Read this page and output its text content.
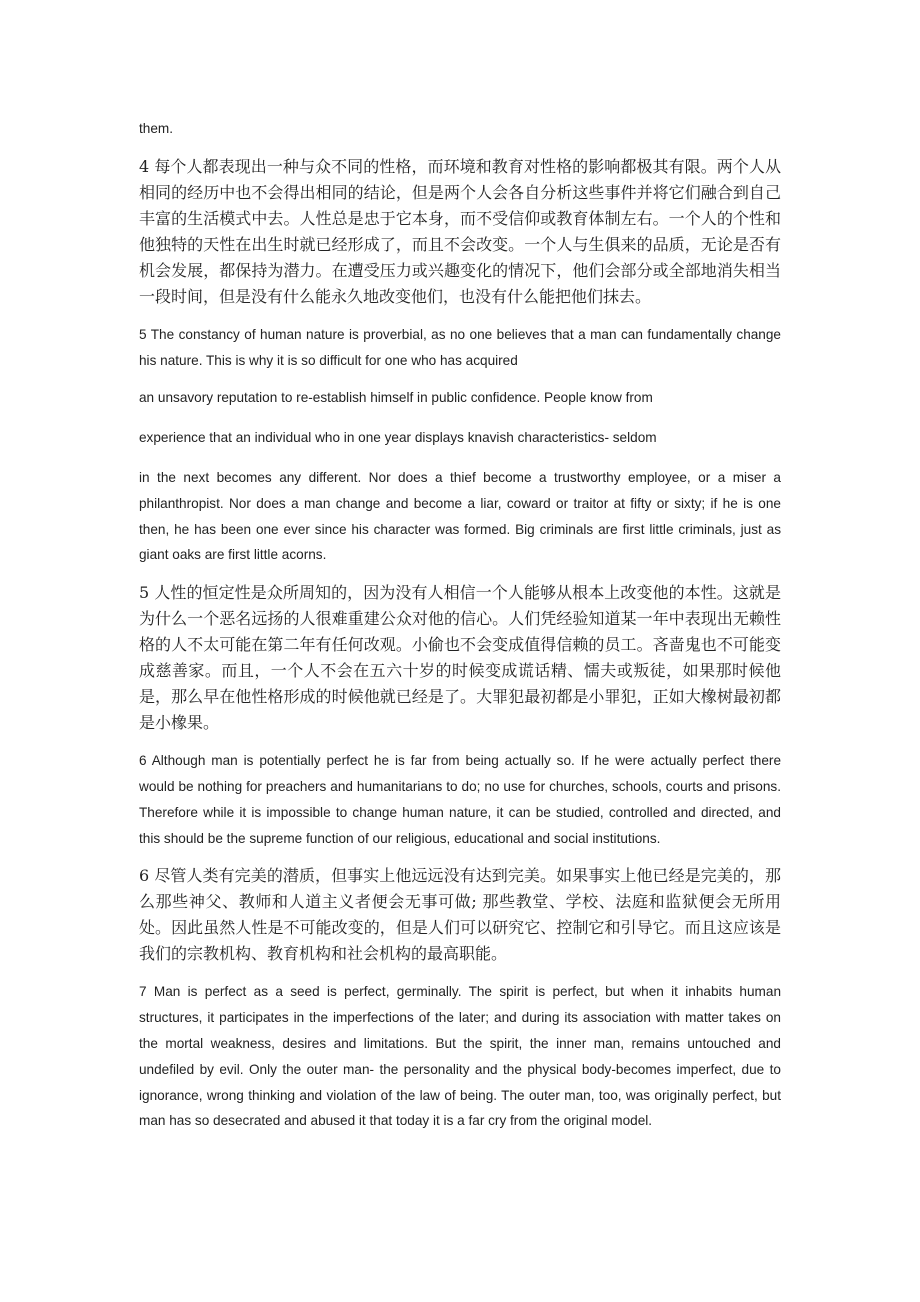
them.

4 每个人都表现出一种与众不同的性格，而环境和教育对性格的影响都极其有限。两个人从相同的经历中也不会得出相同的结论，但是两个人会各自分析这些事件并将它们融合到自己丰富的生活模式中去。人性总是忠于它本身，而不受信仰或教育体制左右。一个人的个性和他独特的天性在出生时就已经形成了，而且不会改变。一个人与生俱来的品质，无论是否有机会发展，都保持为潜力。在遭受压力或兴趣变化的情况下，他们会部分或全部地消失相当一段时间，但是没有什么能永久地改变他们，也没有什么能把他们抹去。

5 The constancy of human nature is proverbial, as no one believes that a man can fundamentally change his nature. This is why it is so difficult for one who has acquired

an unsavory reputation to re-establish himself in public confidence. People know from

experience that an individual who in one year displays knavish characteristics- seldom

in the next becomes any different. Nor does a thief become a trustworthy employee, or a miser a philanthropist. Nor does a man change and become a liar, coward or traitor at fifty or sixty; if he is one then, he has been one ever since his character was formed. Big criminals are first little criminals, just as giant oaks are first little acorns.

5 人性的恒定性是众所周知的，因为没有人相信一个人能够从根本上改变他的本性。这就是为什么一个恶名远扬的人很难重建公众对他的信心。人们凭经验知道某一年中表现出无赖性格的人不太可能在第二年有任何改观。小偷也不会变成值得信赖的员工。吝啬鬼也不可能变成慈善家。而且，一个人不会在五六十岁的时候变成谎话精、懦夫或叛徒，如果那时候他是，那么早在他性格形成的时候他就已经是了。大罪犯最初都是小罪犯，正如大橡树最初都是小橡果。

6 Although man is potentially perfect he is far from being actually so. If he were actually perfect there would be nothing for preachers and humanitarians to do; no use for churches, schools, courts and prisons. Therefore while it is impossible to change human nature, it can be studied, controlled and directed, and this should be the supreme function of our religious, educational and social institutions.

6 尽管人类有完美的潜质，但事实上他远远没有达到完美。如果事实上他已经是完美的，那么那些神父、教师和人道主义者便会无事可做; 那些教堂、学校、法庭和监狱便会无所用处。因此虽然人性是不可能改变的，但是人们可以研究它、控制它和引导它。而且这应该是我们的宗教机构、教育机构和社会机构的最高职能。

7 Man is perfect as a seed is perfect, germinally. The spirit is perfect, but when it inhabits human structures, it participates in the imperfections of the later; and during its association with matter takes on the mortal weakness, desires and limitations. But the spirit, the inner man, remains untouched and undefiled by evil. Only the outer man- the personality and the physical body-becomes imperfect, due to ignorance, wrong thinking and violation of the law of being. The outer man, too, was originally perfect, but man has so desecrated and abused it that today it is a far cry from the original model.
